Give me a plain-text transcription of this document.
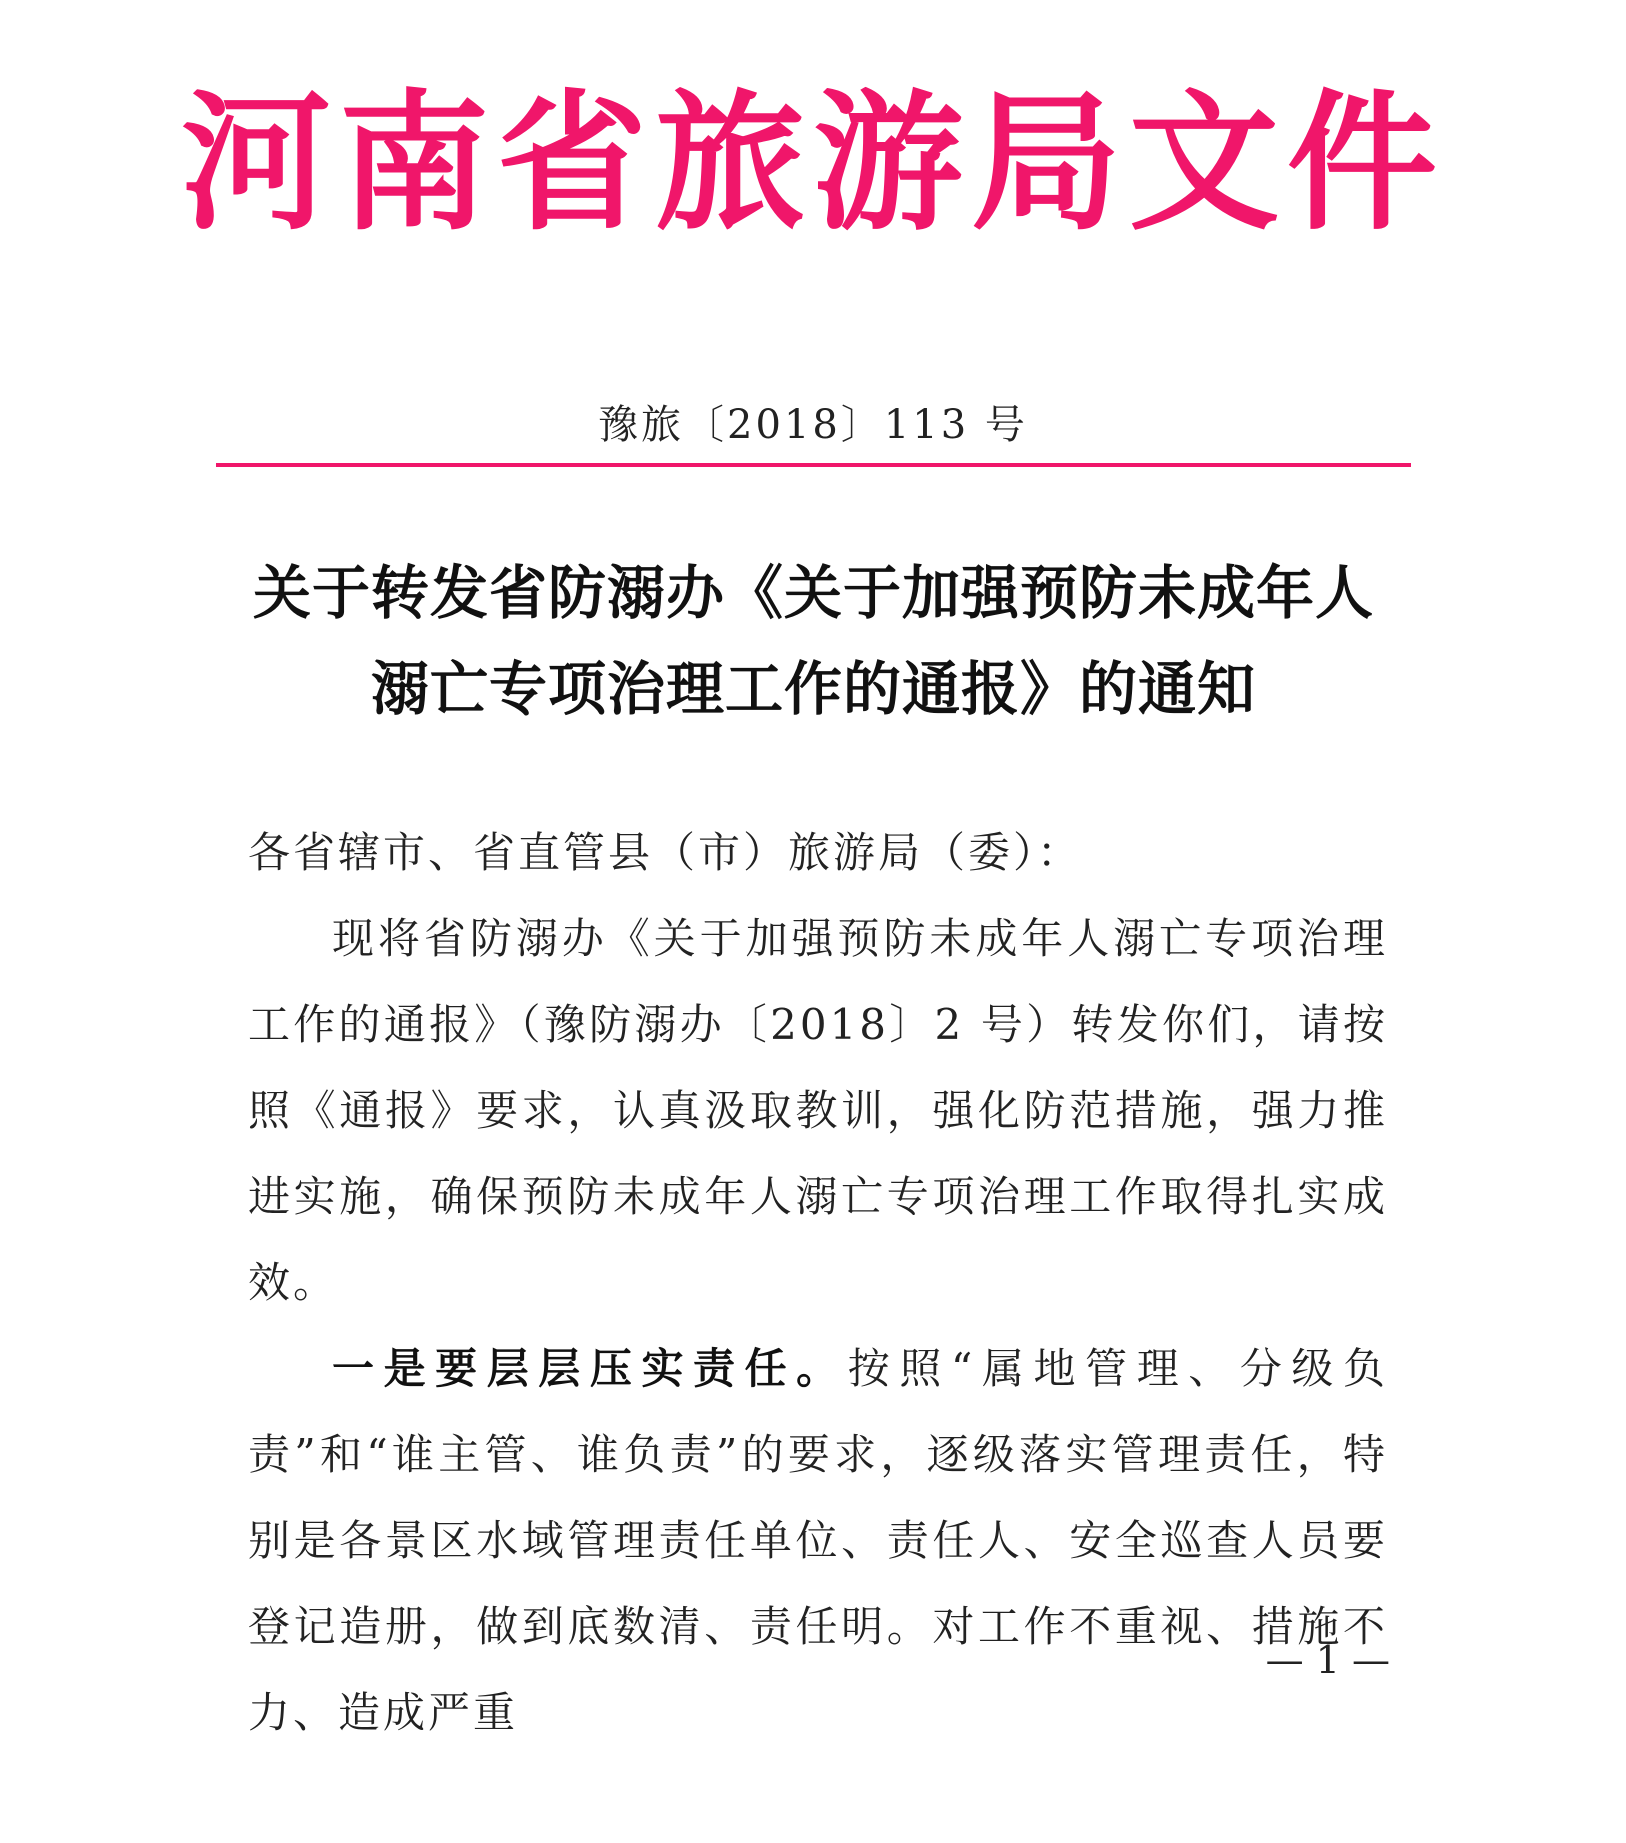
河南省旅游局文件
豫旅〔2018〕113 号
关于转发省防溺办《关于加强预防未成年人
溺亡专项治理工作的通报》的通知

各省辖市、省直管县（市）旅游局（委）：

现将省防溺办《关于加强预防未成年人溺亡专项治理工作的通报》（豫防溺办〔2018〕2 号）转发你们，请按照《通报》要求，认真汲取教训，强化防范措施，强力推进实施，确保预防未成年人溺亡专项治理工作取得扎实成效。

一是要层层压实责任。按照“属地管理、分级负责”和“谁主管、谁负责”的要求，逐级落实管理责任，特别是各景区水域管理责任单位、责任人、安全巡查人员要登记造册，做到底数清、责任明。对工作不重视、措施不力、造成严重

— 1 —
